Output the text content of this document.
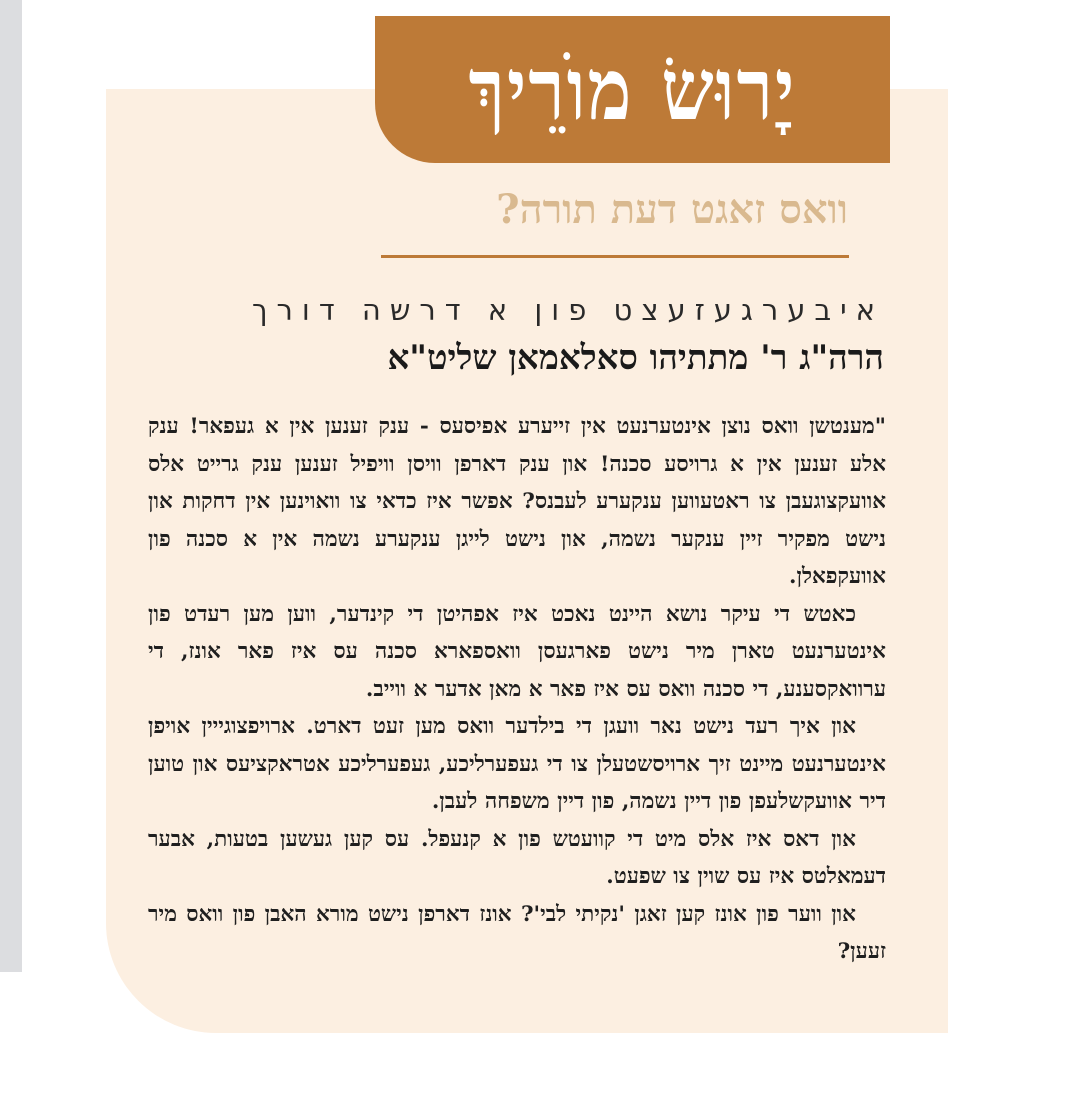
יׇרוּשׂ מוׂרֵיךְ
וואס זאגט דעת תורה?
איבערגעזעצט פון א דרשה דורך
הרה"ג ר' מתתיהו סאלאמאן שליט"א

"מענטשן וואס נוצן אינטערנעט אין זייערע אפיסעס - ענק זענען אין א געפאר! ענק אלע זענען אין א גרויסע סכנה! און ענק דארפן וויסן וויפיל זענען ענק גרייט אלס אוועקצוגעבן צו ראטעווען ענקערע לעבנס? אפשר איז כדאי צו וואוינען אין דחקות און נישט מפקיר זיין ענקער נשמה, און נישט לייגן ענקערע נשמה אין א סכנה פון אוועקפאלן.

כאטש די עיקר נושא היינט נאכט איז אפהיטן די קינדער, ווען מען רעדט פון אינטערנעט טארן מיר נישט פארגעסן וואספארא סכנה עס איז פאר אונז, די ערוואקסענע, די סכנה וואס עס איז פאר א מאן אדער א ווייב.

און איך רעד נישט נאר וועגן די בילדער וואס מען זעט דארט. ארויפצוגייין אויפן אינטערנעט מיינט זיך ארויסשטעלן צו די געפערליכע, געפערליכע אטראקציעס און טוען דיר אוועקשלעפן פון דיין נשמה, פון דיין משפחה לעבן.

און דאס איז אלס מיט די קוועטש פון א קנעפל. עס קען געשען בטעות, אבער דעמאלטס איז עס שוין צו שפעט.

און ווער פון אונז קען זאגן 'נקיתי לבי'? אונז דארפן נישט מורא האבן פון וואס מיר זעען?
